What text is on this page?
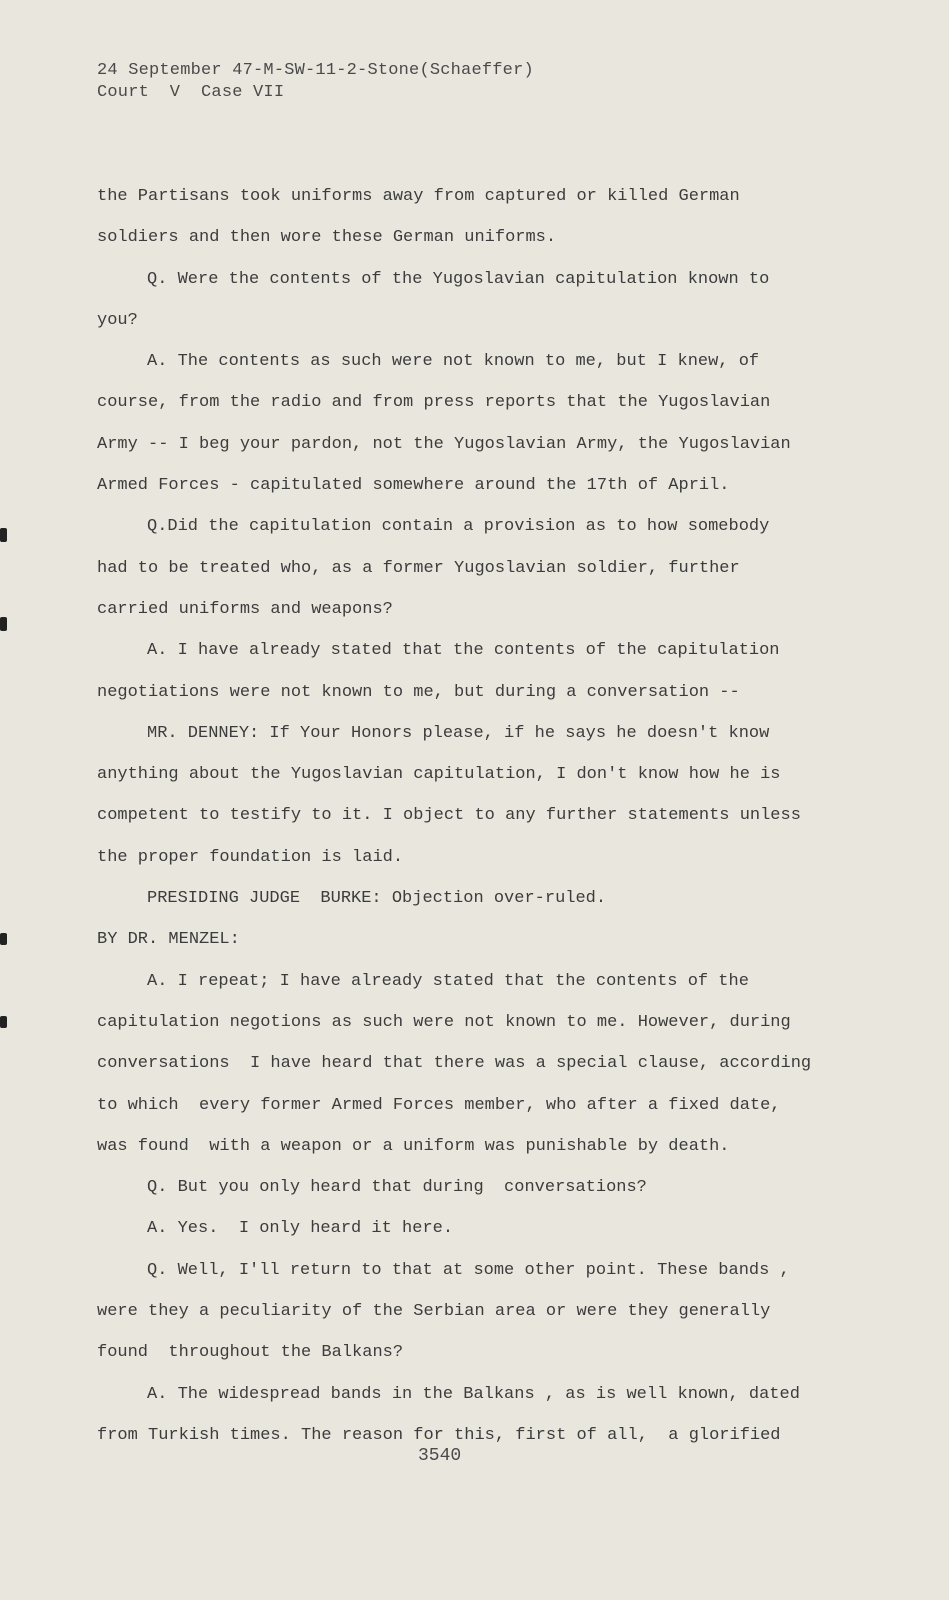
24 September 47-M-SW-11-2-Stone(Schaeffer)
Court  V  Case VII
the Partisans took uniforms away from captured or killed German
soldiers and then wore these German uniforms.
Q. Were the contents of the Yugoslavian capitulation known to
you?
A. The contents as such were not known to me, but I knew, of
course, from the radio and from press reports that the Yugoslavian
Army -- I beg your pardon, not the Yugoslavian Army, the Yugoslavian
Armed Forces - capitulated somewhere around the 17th of April.
Q.Did the capitulation contain a provision as to how somebody
had to be treated who, as a former Yugoslavian soldier, further
carried uniforms and weapons?
A. I have already stated that the contents of the capitulation
negotiations were not known to me, but during a conversation --
MR. DENNEY: If Your Honors please, if he says he doesn't know
anything about the Yugoslavian capitulation, I don't know how he is
competent to testify to it. I object to any further statements unless
the proper foundation is laid.
PRESIDING JUDGE  BURKE: Objection over-ruled.
BY DR. MENZEL:
A. I repeat; I have already stated that the contents of the
capitulation negotions as such were not known to me. However, during
conversations  I have heard that there was a special clause, according
to which  every former Armed Forces member, who after a fixed date,
was found  with a weapon or a uniform was punishable by death.
Q. But you only heard that during  conversations?
A. Yes.  I only heard it here.
Q. Well, I'll return to that at some other point. These bands ,
were they a peculiarity of the Serbian area or were they generally
found  throughout the Balkans?
A. The widespread bands in the Balkans , as is well known, dated
from Turkish times. The reason for this, first of all,  a glorified
3540
